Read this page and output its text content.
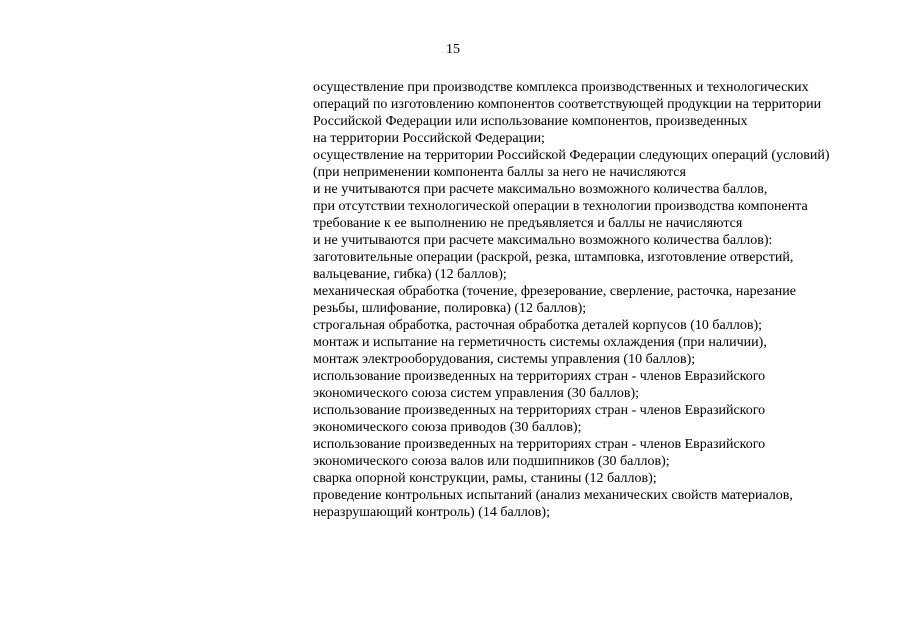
15

осуществление при производстве комплекса производственных и технологических
операций по изготовлению компонентов соответствующей продукции на территории
Российской Федерации или использование компонентов, произведенных
на территории Российской Федерации;
осуществление на территории Российской Федерации следующих операций (условий)
(при неприменении компонента баллы за него не начисляются
и не учитываются при расчете максимально возможного количества баллов,
при отсутствии технологической операции в технологии производства компонента
требование к ее выполнению не предъявляется и баллы не начисляются
и не учитываются при расчете максимально возможного количества баллов):
заготовительные операции (раскрой, резка, штамповка, изготовление отверстий,
вальцевание, гибка) (12 баллов);
механическая обработка (точение, фрезерование, сверление, расточка, нарезание
резьбы, шлифование, полировка) (12 баллов);
строгальная обработка, расточная обработка деталей корпусов (10 баллов);
монтаж и испытание на герметичность системы охлаждения (при наличии),
монтаж электрооборудования, системы управления (10 баллов);
использование произведенных на территориях стран - членов Евразийского
экономического союза систем управления (30 баллов);
использование произведенных на территориях стран - членов Евразийского
экономического союза приводов (30 баллов);
использование произведенных на территориях стран - членов Евразийского
экономического союза валов или подшипников (30 баллов);
сварка опорной конструкции, рамы, станины (12 баллов);
проведение контрольных испытаний (анализ механических свойств материалов,
неразрушающий контроль) (14 баллов);
